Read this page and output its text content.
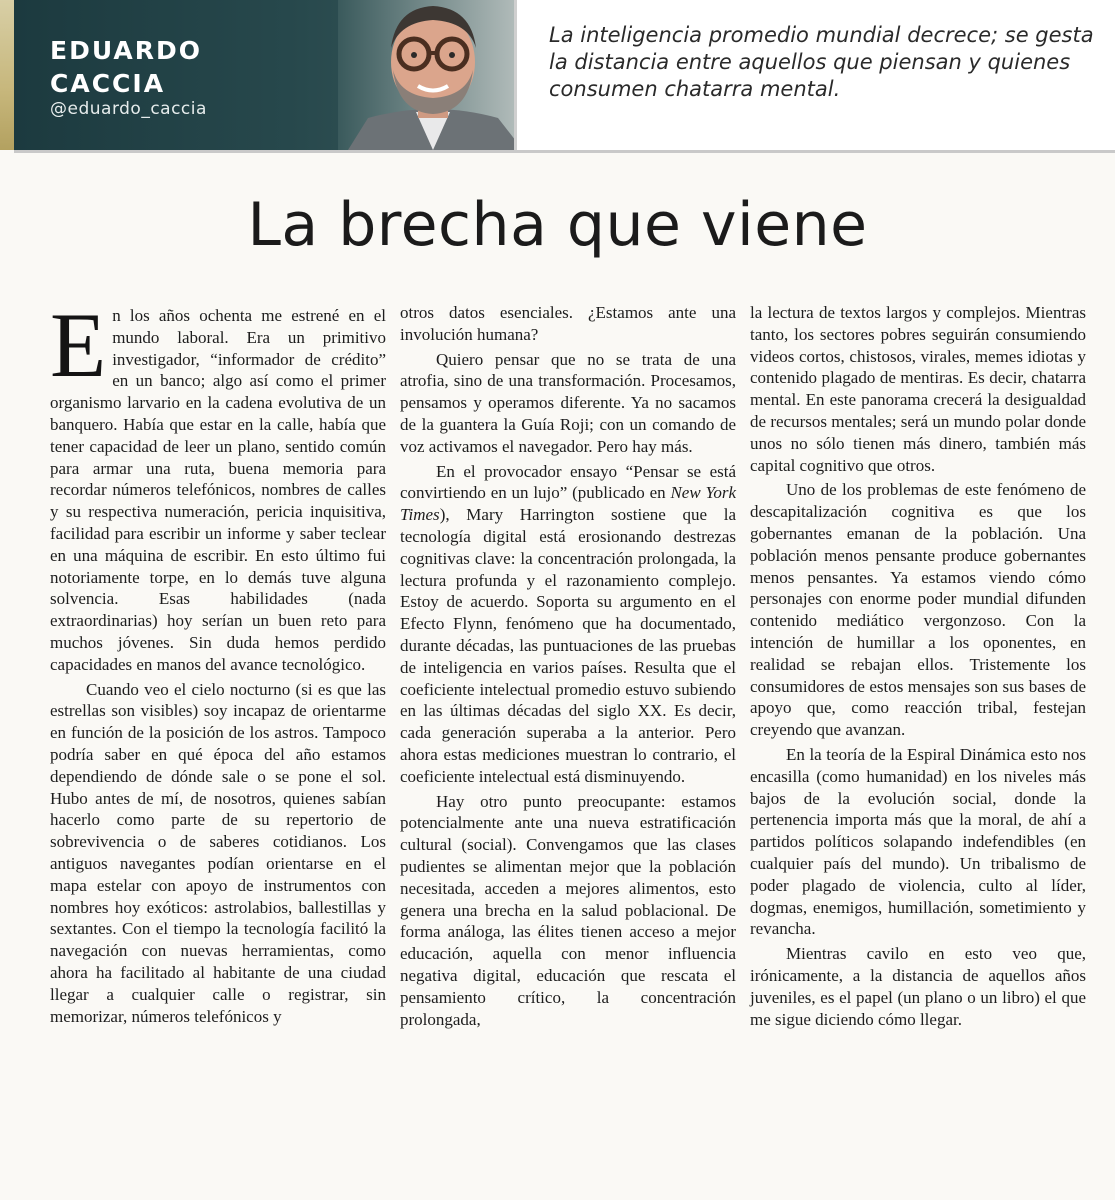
EDUARDO
CACCIA
@eduardo_caccia
La inteligencia promedio mundial decrece; se gesta la distancia entre aquellos que piensan y quienes consumen chatarra mental.
La brecha que viene

En los años ochenta me estrené en el mundo laboral. Era un primitivo investigador, “informador de crédito” en un banco; algo así como el primer organismo larvario en la cadena evolutiva de un banquero. Había que estar en la calle, había que tener capacidad de leer un plano, sentido común para armar una ruta, buena memoria para recordar números telefónicos, nombres de calles y su respectiva numeración, pericia inquisitiva, facilidad para escribir un informe y saber teclear en una máquina de escribir. En esto último fui notoriamente torpe, en lo demás tuve alguna solvencia. Esas habilidades (nada extraordinarias) hoy serían un buen reto para muchos jóvenes. Sin duda hemos perdido capacidades en manos del avance tecnológico.

Cuando veo el cielo nocturno (si es que las estrellas son visibles) soy incapaz de orientarme en función de la posición de los astros. Tampoco podría saber en qué época del año estamos dependiendo de dónde sale o se pone el sol. Hubo antes de mí, de nosotros, quienes sabían hacerlo como parte de su repertorio de sobrevivencia o de saberes cotidianos. Los antiguos navegantes podían orientarse en el mapa estelar con apoyo de instrumentos con nombres hoy exóticos: astrolabios, ballestillas y sextantes. Con el tiempo la tecnología facilitó la navegación con nuevas herramientas, como ahora ha facilitado al habitante de una ciudad llegar a cualquier calle o registrar, sin memorizar, números telefónicos y

otros datos esenciales. ¿Estamos ante una involución humana?

Quiero pensar que no se trata de una atrofia, sino de una transformación. Procesamos, pensamos y operamos diferente. Ya no sacamos de la guantera la Guía Roji; con un comando de voz activamos el navegador. Pero hay más.

En el provocador ensayo “Pensar se está convirtiendo en un lujo” (publicado en New York Times), Mary Harrington sostiene que la tecnología digital está erosionando destrezas cognitivas clave: la concentración prolongada, la lectura profunda y el razonamiento complejo. Estoy de acuerdo. Soporta su argumento en el Efecto Flynn, fenómeno que ha documentado, durante décadas, las puntuaciones de las pruebas de inteligencia en varios países. Resulta que el coeficiente intelectual promedio estuvo subiendo en las últimas décadas del siglo XX. Es decir, cada generación superaba a la anterior. Pero ahora estas mediciones muestran lo contrario, el coeficiente intelectual está disminuyendo.

Hay otro punto preocupante: estamos potencialmente ante una nueva estratificación cultural (social). Convengamos que las clases pudientes se alimentan mejor que la población necesitada, acceden a mejores alimentos, esto genera una brecha en la salud poblacional. De forma análoga, las élites tienen acceso a mejor educación, aquella con menor influencia negativa digital, educación que rescata el pensamiento crítico, la concentración prolongada,

la lectura de textos largos y complejos. Mientras tanto, los sectores pobres seguirán consumiendo videos cortos, chistosos, virales, memes idiotas y contenido plagado de mentiras. Es decir, chatarra mental. En este panorama crecerá la desigualdad de recursos mentales; será un mundo polar donde unos no sólo tienen más dinero, también más capital cognitivo que otros.

Uno de los problemas de este fenómeno de descapitalización cognitiva es que los gobernantes emanan de la población. Una población menos pensante produce gobernantes menos pensantes. Ya estamos viendo cómo personajes con enorme poder mundial difunden contenido mediático vergonzoso. Con la intención de humillar a los oponentes, en realidad se rebajan ellos. Tristemente los consumidores de estos mensajes son sus bases de apoyo que, como reacción tribal, festejan creyendo que avanzan.

En la teoría de la Espiral Dinámica esto nos encasilla (como humanidad) en los niveles más bajos de la evolución social, donde la pertenencia importa más que la moral, de ahí a partidos políticos solapando indefendibles (en cualquier país del mundo). Un tribalismo de poder plagado de violencia, culto al líder, dogmas, enemigos, humillación, sometimiento y revancha.

Mientras cavilo en esto veo que, irónicamente, a la distancia de aquellos años juveniles, es el papel (un plano o un libro) el que me sigue diciendo cómo llegar.
